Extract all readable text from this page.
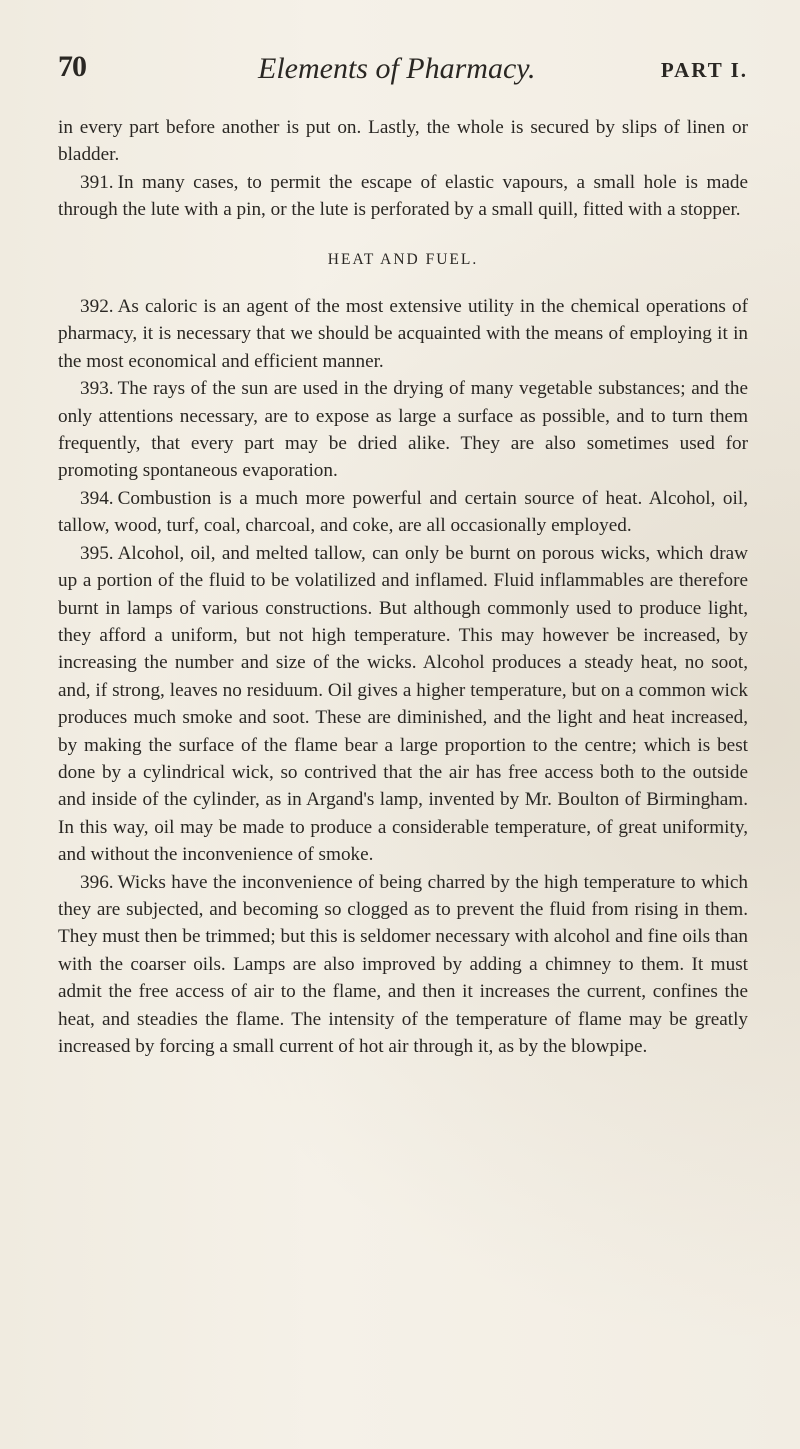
70	Elements of Pharmacy.	PART I.

in every part before another is put on. Lastly, the whole is secured by slips of linen or bladder.

391. In many cases, to permit the escape of elastic vapours, a small hole is made through the lute with a pin, or the lute is perforated by a small quill, fitted with a stopper.

HEAT AND FUEL.

392. As caloric is an agent of the most extensive utility in the chemical operations of pharmacy, it is necessary that we should be acquainted with the means of employing it in the most economical and efficient manner.

393. The rays of the sun are used in the drying of many vegetable substances; and the only attentions necessary, are to expose as large a surface as possible, and to turn them frequently, that every part may be dried alike. They are also sometimes used for promoting spontaneous evaporation.

394. Combustion is a much more powerful and certain source of heat. Alcohol, oil, tallow, wood, turf, coal, charcoal, and coke, are all occasionally employed.

395. Alcohol, oil, and melted tallow, can only be burnt on porous wicks, which draw up a portion of the fluid to be volatilized and inflamed. Fluid inflammables are therefore burnt in lamps of various constructions. But although commonly used to produce light, they afford a uniform, but not high temperature. This may however be increased, by increasing the number and size of the wicks. Alcohol produces a steady heat, no soot, and, if strong, leaves no residuum. Oil gives a higher temperature, but on a common wick produces much smoke and soot. These are diminished, and the light and heat increased, by making the surface of the flame bear a large proportion to the centre; which is best done by a cylindrical wick, so contrived that the air has free access both to the outside and inside of the cylinder, as in Argand's lamp, invented by Mr. Boulton of Birmingham. In this way, oil may be made to produce a considerable temperature, of great uniformity, and without the inconvenience of smoke.

396. Wicks have the inconvenience of being charred by the high temperature to which they are subjected, and becoming so clogged as to prevent the fluid from rising in them. They must then be trimmed; but this is seldomer necessary with alcohol and fine oils than with the coarser oils. Lamps are also improved by adding a chimney to them. It must admit the free access of air to the flame, and then it increases the current, confines the heat, and steadies the flame. The intensity of the temperature of flame may be greatly increased by forcing a small current of hot air through it, as by the blowpipe.
